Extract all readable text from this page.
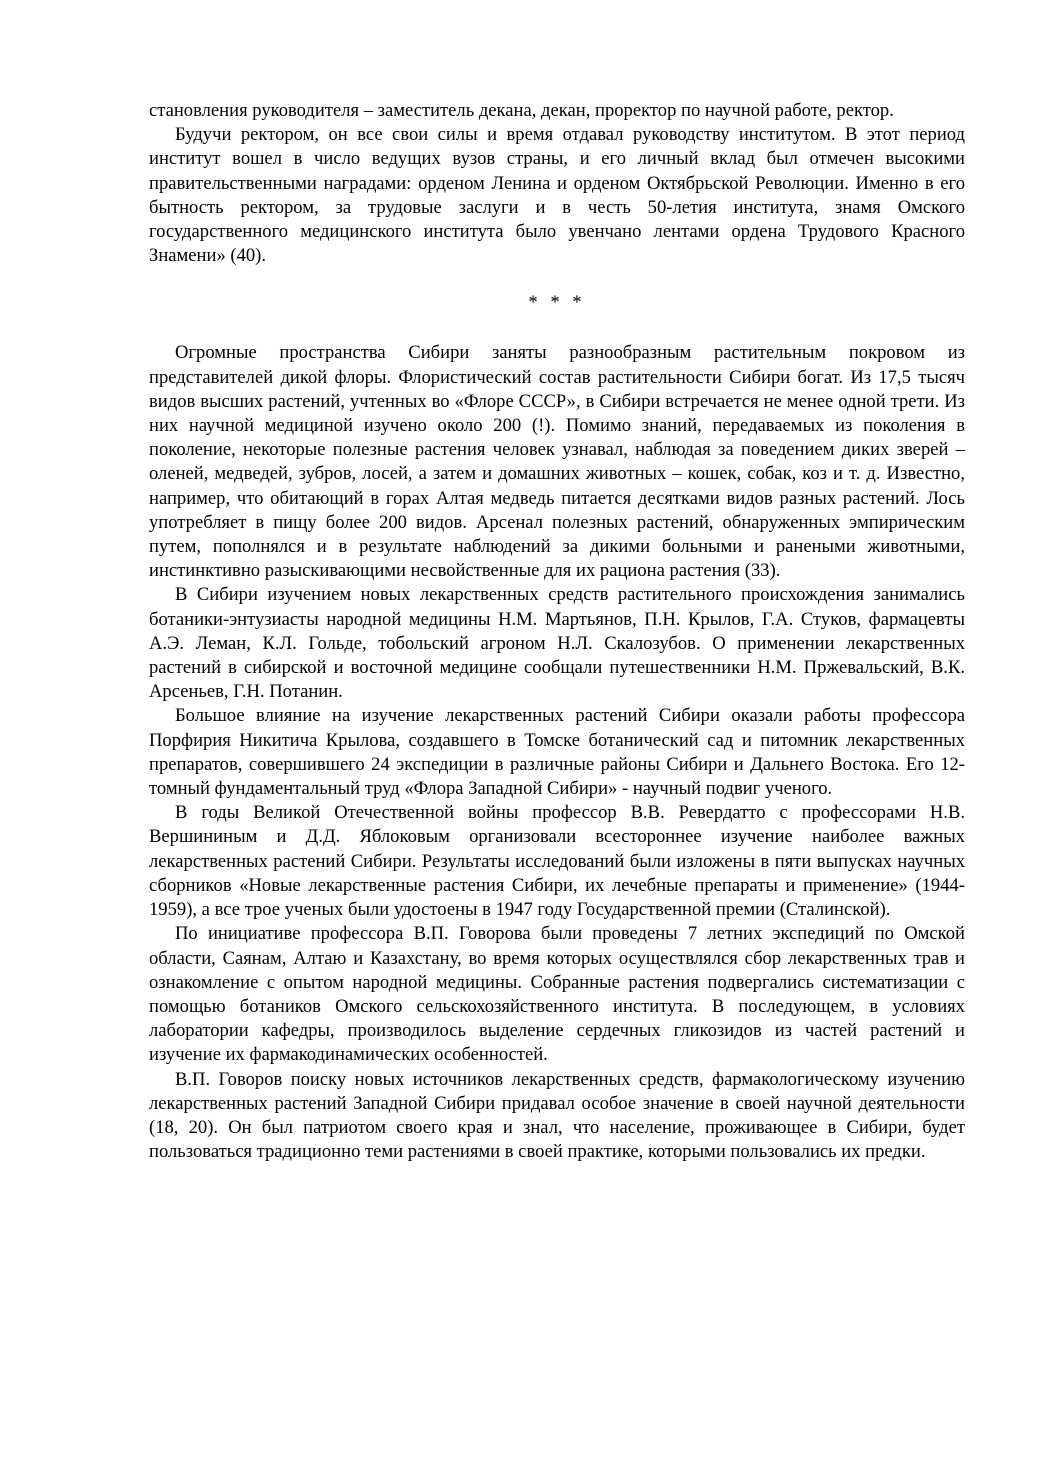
становления руководителя – заместитель декана, декан, проректор по научной работе, ректор.

Будучи ректором, он все свои силы и время отдавал руководству институтом. В этот период институт вошел в число ведущих вузов страны, и его личный вклад был отмечен высокими правительственными наградами: орденом Ленина и орденом Октябрьской Революции. Именно в его бытность ректором, за трудовые заслуги и в честь 50-летия института, знамя Омского государственного медицинского института было увенчано лентами ордена Трудового Красного Знамени» (40).

* * *

Огромные пространства Сибири заняты разнообразным растительным покровом из представителей дикой флоры. Флористический состав растительности Сибири богат. Из 17,5 тысяч видов высших растений, учтенных во «Флоре СССР», в Сибири встречается не менее одной трети. Из них научной медициной изучено около 200 (!). Помимо знаний, передаваемых из поколения в поколение, некоторые полезные растения человек узнавал, наблюдая за поведением диких зверей – оленей, медведей, зубров, лосей, а затем и домашних животных – кошек, собак, коз и т. д. Известно, например, что обитающий в горах Алтая медведь питается десятками видов разных растений. Лось употребляет в пищу более 200 видов. Арсенал полезных растений, обнаруженных эмпирическим путем, пополнялся и в результате наблюдений за дикими больными и ранеными животными, инстинктивно разыскивающими несвойственные для их рациона растения (33).

В Сибири изучением новых лекарственных средств растительного происхождения занимались ботаники-энтузиасты народной медицины Н.М. Мартьянов, П.Н. Крылов, Г.А. Стуков, фармацевты А.Э. Леман, К.Л. Гольде, тобольский агроном Н.Л. Скалозубов. О применении лекарственных растений в сибирской и восточной медицине сообщали путешественники Н.М. Пржевальский, В.К. Арсеньев, Г.Н. Потанин.

Большое влияние на изучение лекарственных растений Сибири оказали работы профессора Порфирия Никитича Крылова, создавшего в Томске ботанический сад и питомник лекарственных препаратов, совершившего 24 экспедиции в различные районы Сибири и Дальнего Востока. Его 12-томный фундаментальный труд «Флора Западной Сибири» - научный подвиг ученого.

В годы Великой Отечественной войны профессор В.В. Ревердатто с профессорами Н.В. Вершининым и Д.Д. Яблоковым организовали всестороннее изучение наиболее важных лекарственных растений Сибири. Результаты исследований были изложены в пяти выпусках научных сборников «Новые лекарственные растения Сибири, их лечебные препараты и применение» (1944-1959), а все трое ученых были удостоены в 1947 году Государственной премии (Сталинской).

По инициативе профессора В.П. Говорова были проведены 7 летних экспедиций по Омской области, Саянам, Алтаю и Казахстану, во время которых осуществлялся сбор лекарственных трав и ознакомление с опытом народной медицины. Собранные растения подвергались систематизации с помощью ботаников Омского сельскохозяйственного института. В последующем, в условиях лаборатории кафедры, производилось выделение сердечных гликозидов из частей растений и изучение их фармакодинамических особенностей.

В.П. Говоров поиску новых источников лекарственных средств, фармакологическому изучению лекарственных растений Западной Сибири придавал особое значение в своей научной деятельности (18, 20). Он был патриотом своего края и знал, что население, проживающее в Сибири, будет пользоваться традиционно теми растениями в своей практике, которыми пользовались их предки.
